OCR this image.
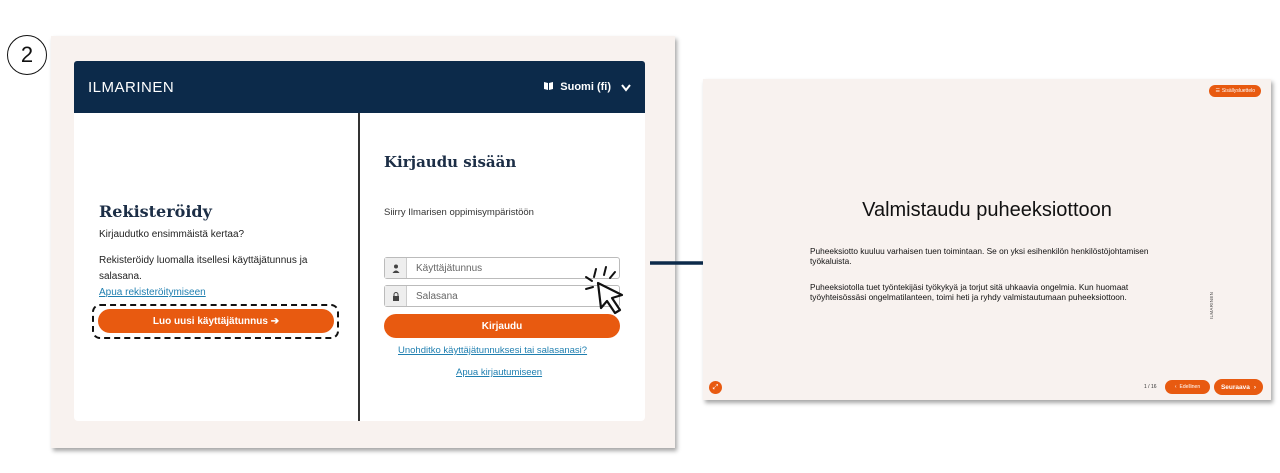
2
ILMARINEN	Suomi (fi)
Rekisteröidy
Kirjaudutko ensimmäistä kertaa?
Rekisteröidy luomalla itsellesi käyttäjätunnus ja salasana.
Apua rekisteröitymiseen
Luo uusi käyttäjätunnus ➔
Kirjaudu sisään
Siirry Ilmarisen oppimisympäristöön
Käyttäjätunnus
Salasana
Kirjaudu
Unohditko käyttäjätunnuksesi tai salasanasi?
Apua kirjautumiseen
☰ Sisällysluettelo
Valmistaudu puheeksiottoon
Puheeksiotto kuuluu varhaisen tuen toimintaan. Se on yksi esihenkilön henkilöstöjohtamisen työkaluista.
Puheeksiotolla tuet työntekijäsi työkykyä ja torjut sitä uhkaavia ongelmia. Kun huomaat työyhteisössäsi ongelmatilanteen, toimi heti ja ryhdy valmistautumaan puheeksiottoon.	ILMARINEN
⤢	1 / 16	‹ Edellinen	Seuraava ›
